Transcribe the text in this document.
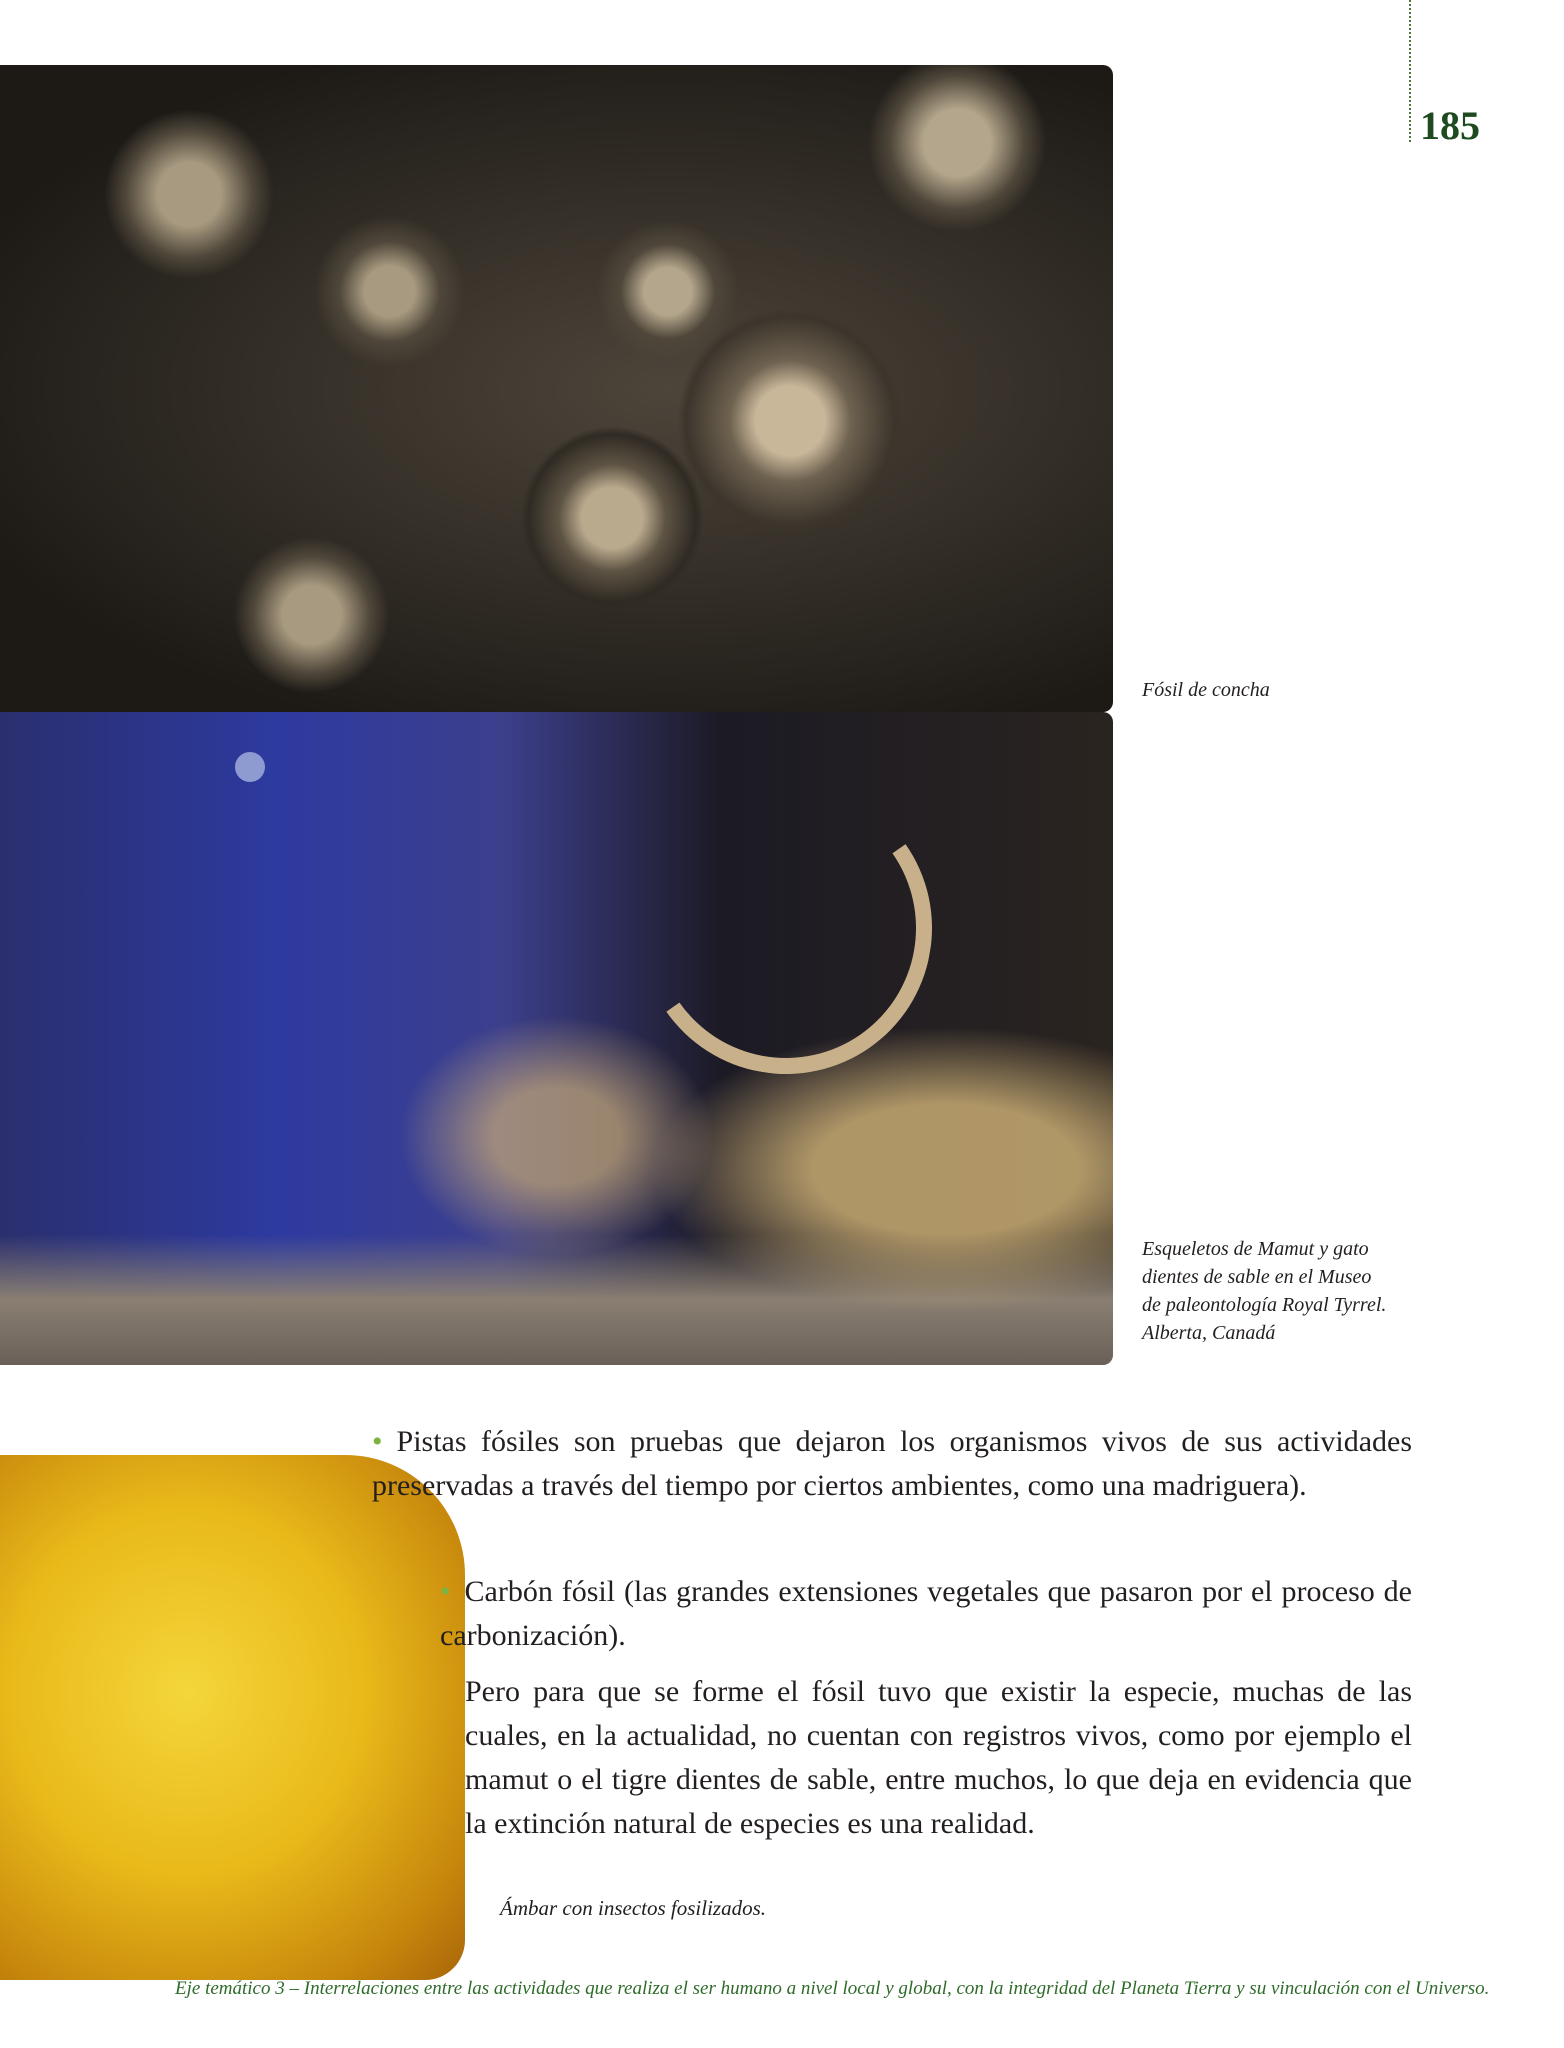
185
Fósil de concha
Esqueletos de Mamut y gato
dientes de sable en el Museo
de paleontología Royal Tyrrel.
Alberta, Canadá
• Pistas fósiles son pruebas que dejaron los organismos vivos de sus actividades preservadas a través del tiempo por ciertos ambientes, como una madriguera).
• Carbón fósil (las grandes extensiones vegetales que pasaron por el proceso de carbonización).
Pero para que se forme el fósil tuvo que existir la especie, muchas de las cuales, en la actualidad, no cuentan con registros vivos, como por ejemplo el mamut o el tigre dientes de sable, entre muchos, lo que deja en evidencia que la extinción natural de especies es una realidad.
Ámbar con insectos fosilizados.
Eje temático 3 – Interrelaciones entre las actividades que realiza el ser humano a nivel local y global, con la integridad del Planeta Tierra y su vinculación con el Universo.
